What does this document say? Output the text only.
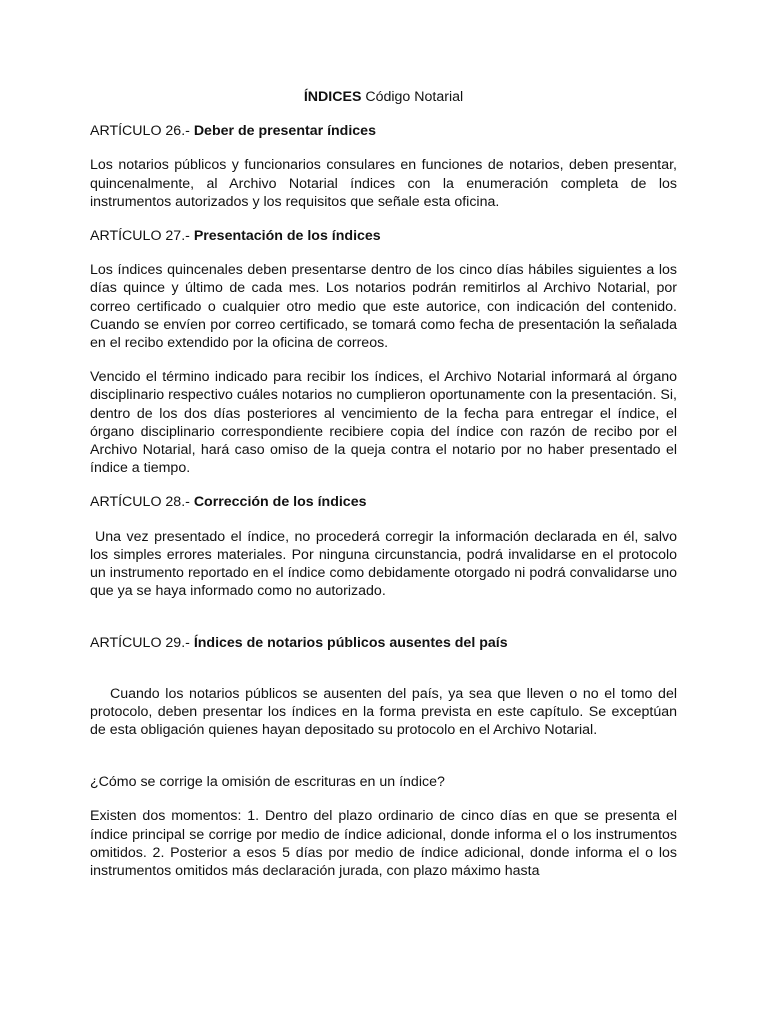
ÍNDICES Código Notarial
ARTÍCULO 26.- Deber de presentar índices
Los notarios públicos y funcionarios consulares en funciones de notarios, deben presentar, quincenalmente, al Archivo Notarial índices con la enumeración completa de los instrumentos autorizados y los requisitos que señale esta oficina.
ARTÍCULO 27.- Presentación de los índices
Los índices quincenales deben presentarse dentro de los cinco días hábiles siguientes a los días quince y último de cada mes. Los notarios podrán remitirlos al Archivo Notarial, por correo certificado o cualquier otro medio que este autorice, con indicación del contenido. Cuando se envíen por correo certificado, se tomará como fecha de presentación la señalada en el recibo extendido por la oficina de correos.
Vencido el término indicado para recibir los índices, el Archivo Notarial informará al órgano disciplinario respectivo cuáles notarios no cumplieron oportunamente con la presentación. Si, dentro de los dos días posteriores al vencimiento de la fecha para entregar el índice, el órgano disciplinario correspondiente recibiere copia del índice con razón de recibo por el Archivo Notarial, hará caso omiso de la queja contra el notario por no haber presentado el índice a tiempo.
ARTÍCULO 28.- Corrección de los índices
Una vez presentado el índice, no procederá corregir la información declarada en él, salvo los simples errores materiales. Por ninguna circunstancia, podrá invalidarse en el protocolo un instrumento reportado en el índice como debidamente otorgado ni podrá convalidarse uno que ya se haya informado como no autorizado.
ARTÍCULO 29.- Índices de notarios públicos ausentes del país
Cuando los notarios públicos se ausenten del país, ya sea que lleven o no el tomo del protocolo, deben presentar los índices en la forma prevista en este capítulo. Se exceptúan de esta obligación quienes hayan depositado su protocolo en el Archivo Notarial.
¿Cómo se corrige la omisión de escrituras en un índice?
Existen dos momentos: 1. Dentro del plazo ordinario de cinco días en que se presenta el índice principal se corrige por medio de índice adicional, donde informa el o los instrumentos omitidos. 2. Posterior a esos 5 días por medio de índice adicional, donde informa el o los instrumentos omitidos más declaración jurada, con plazo máximo hasta
